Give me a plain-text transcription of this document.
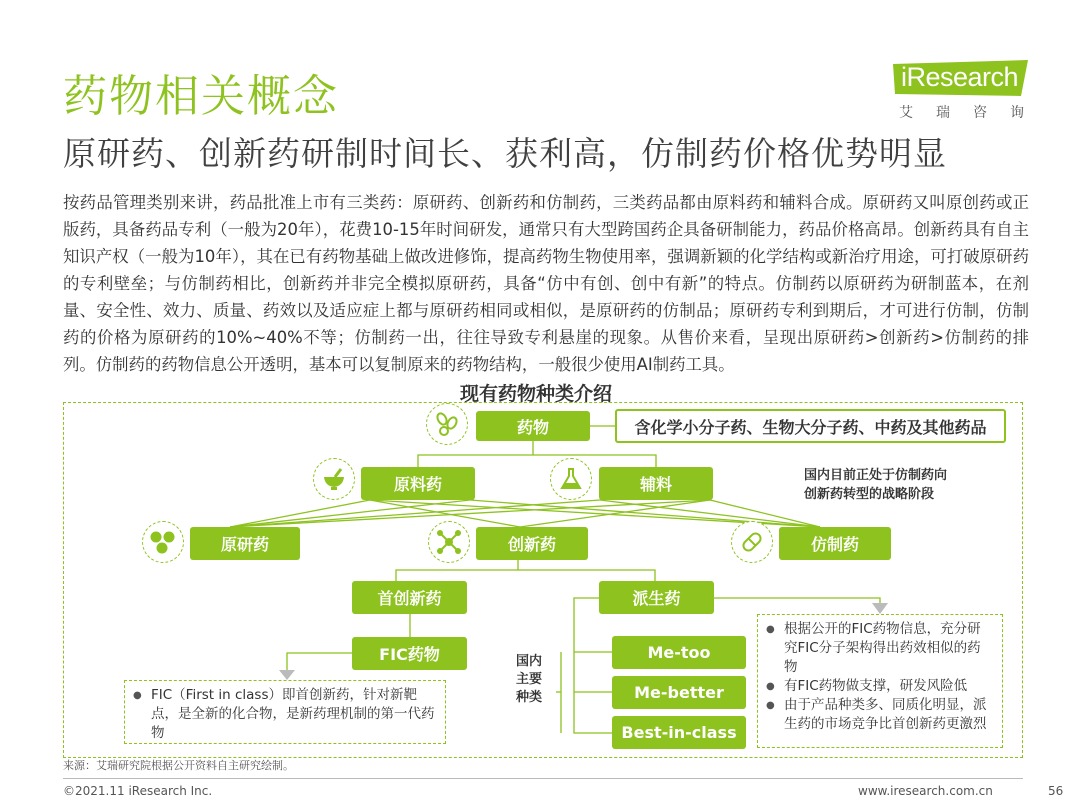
药物相关概念
原研药、创新药研制时间长、获利高，仿制药价格优势明显
iResearch
艾瑞咨询
按药品管理类别来讲，药品批准上市有三类药：原研药、创新药和仿制药，三类药品都由原料药和辅料合成。原研药又叫原创药或正版药，具备药品专利（一般为20年），花费10-15年时间研发，通常只有大型跨国药企具备研制能力，药品价格高昂。创新药具有自主知识产权（一般为10年），其在已有药物基础上做改进修饰，提高药物生物使用率，强调新颖的化学结构或新治疗用途，可打破原研药的专利壁垒；与仿制药相比，创新药并非完全模拟原研药，具备“仿中有创、创中有新”的特点。仿制药以原研药为研制蓝本，在剂量、安全性、效力、质量、药效以及适应症上都与原研药相同或相似，是原研药的仿制品；原研药专利到期后，才可进行仿制，仿制药的价格为原研药的10%~40%不等；仿制药一出，往往导致专利悬崖的现象。从售价来看，呈现出原研药>创新药>仿制药的排列。仿制药的药物信息公开透明，基本可以复制原来的药物结构，一般很少使用AI制药工具。
现有药物种类介绍
药物	含化学小分子药、生物大分子药、中药及其他药品
原料药	辅料
原研药	创新药	仿制药
国内目前正处于仿制药向
创新药转型的战略阶段
首创新药	派生药
FIC药物	国内
主要
种类
Me-too
Me-better
Best-in-class
● FIC（First in class）即首创新药，针对新靶点，是全新的化合物，是新药理机制的第一代药物
● 根据公开的FIC药物信息，充分研究FIC分子架构得出药效相似的药物
● 有FIC药物做支撑，研发风险低
● 由于产品种类多、同质化明显，派生药的市场竞争比首创新药更激烈
来源：艾瑞研究院根据公开资料自主研究绘制。
©2021.11 iResearch Inc.	www.iresearch.com.cn	56
